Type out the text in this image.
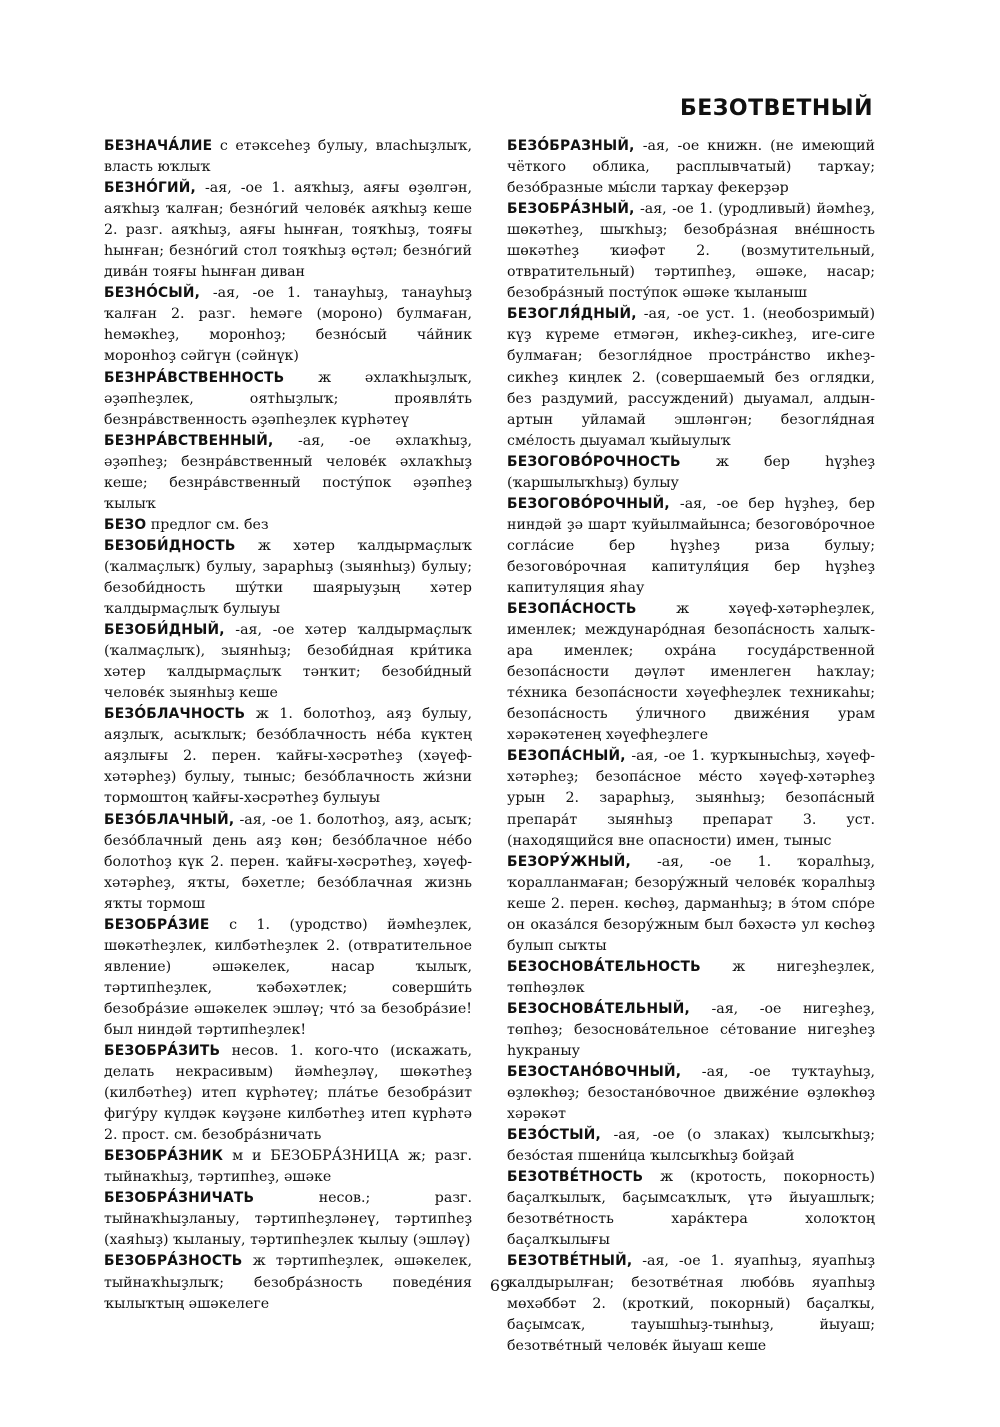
БЕЗОТВЕТНЫЙ

БЕЗНАЧА́ЛИЕ с етәксеһеҙ булыу, власһыҙлыҡ, власть юҡлыҡ

БЕЗНО́ГИЙ, -ая, -ое 1. аяҡһыҙ, аяғы өҙөлгән, аяҡһыҙ ҡалған; безно́гий челове́к аяҡһыҙ кеше 2. разг. аяҡһыҙ, аяғы һынған, тояҡһыҙ, тояғы һынған; безно́гий стол тояҡһыҙ өҫтәл; безно́гий дива́н тояғы һынған диван

БЕЗНО́СЫЙ, -ая, -ое 1. танауһыҙ, танауһыҙ ҡалған 2. разг. һемәге (мороно) булмаған, һемәкһеҙ, моронһоҙ; безно́сый ча́йник моронһоҙ сәйгүн (сәйнүк)

БЕЗНРА́ВСТВЕННОСТЬ ж әхлаҡһыҙлыҡ, әҙәпһеҙлек, оятһыҙлыҡ; проявля́ть безнра́вственность әҙәпһеҙлек күрһәтеү

БЕЗНРА́ВСТВЕННЫЙ, -ая, -ое әхлаҡһыҙ, әҙәпһеҙ; безнра́вственный челове́к әхлаҡһыҙ кеше; безнра́вственный посту́пок әҙәпһеҙ ҡылыҡ

БЕЗО предлог см. без

БЕЗОБИ́ДНОСТЬ ж хәтер ҡалдырмаҫлыҡ (ҡалмаҫлыҡ) булыу, зарарһыҙ (зыянһыҙ) булыу; безоби́дность шу́тки шаярыуҙың хәтер ҡалдырмаҫлыҡ булыуы

БЕЗОБИ́ДНЫЙ, -ая, -ое хәтер ҡалдырмаҫлыҡ (ҡалмаҫлыҡ), зыянһыҙ; безоби́дная кри́тика хәтер ҡалдырмаҫлыҡ тәнҡит; безоби́дный челове́к зыянһыҙ кеше

БЕЗО́БЛАЧНОСТЬ ж 1. болотһоҙ, аяҙ булыу, аяҙлыҡ, асыҡлыҡ; безо́блачность не́ба күктең аяҙлығы 2. перен. ҡайғы-хәсрәтһеҙ (хәүеф-хәтәрһеҙ) булыу, тыныс; безо́блачность жи́зни тормоштоң ҡайғы-хәсрәтһеҙ булыуы

БЕЗО́БЛАЧНЫЙ, -ая, -ое 1. болотһоҙ, аяҙ, асыҡ; безо́блачный день аяҙ көн; безо́блачное не́бо болотһоҙ күк 2. перен. ҡайғы-хәсрәтһеҙ, хәүеф-хәтәрһеҙ, яҡты, бәхетле; безо́блачная жизнь яҡты тормош

БЕЗОБРА́ЗИЕ с 1. (уродство) йәмһеҙлек, шөкәтһеҙлек, килбәтһеҙлек 2. (отвратительное явление) әшәкелек, насар ҡылыҡ, тәртипһеҙлек, ҡәбәхәтлек; соверши́ть безобра́зие әшәкелек эшләү; что́ за безобра́зие! был ниндәй тәртипһеҙлек!

БЕЗОБРА́ЗИТЬ несов. 1. кого-что (искажать, делать некрасивым) йәмһеҙләү, шөкәтһеҙ (килбәтһеҙ) итеп күрһәтеү; пла́тье безобра́зит фигу́ру күлдәк кәүҙәне килбәтһеҙ итеп күрһәтә 2. прост. см. безобра́зничать

БЕЗОБРА́ЗНИК м и БЕЗОБРА́ЗНИЦА ж; разг. тыйнаҡһыҙ, тәртипһеҙ, әшәке

БЕЗОБРА́ЗНИЧАТЬ несов.; разг. тыйнаҡһыҙланыу, тәртипһеҙләнеү, тәртипһеҙ (хаяһыҙ) ҡыланыу, тәртипһеҙлек ҡылыу (эшләү)

БЕЗОБРА́ЗНОСТЬ ж тәртипһеҙлек, әшәкелек, тыйнаҡһыҙлыҡ; безобра́зность поведе́ния ҡылыҡтың әшәкелеге

БЕЗО́БРАЗНЫЙ, -ая, -ое книжн. (не имеющий чёткого облика, расплывчатый) тарҡау; безо́бразные мы́сли тарҡау фекерҙәр

БЕЗОБРА́ЗНЫЙ, -ая, -ое 1. (уродливый) йәмһеҙ, шөкәтһеҙ, шыҡһыҙ; безобра́зная вне́шность шөкәтһеҙ ҡиәфәт 2. (возмутительный, отвратительный) тәртипһеҙ, әшәке, насар; безобра́зный посту́пок әшәке ҡыланыш

БЕЗОГЛЯ́ДНЫЙ, -ая, -ое уст. 1. (необозримый) күҙ күреме етмәгән, икһеҙ-сикһеҙ, иге-сиге булмаған; безогля́дное простра́нство икһеҙ-сикһеҙ киңлек 2. (совершаемый без оглядки, без раздумий, рассуждений) дыуамал, алдын-артын уйламай эшләнгән; безогля́дная сме́лость дыуамал ҡыйыулыҡ

БЕЗОГОВО́РОЧНОСТЬ ж бер һүҙһеҙ (ҡаршылыҡһыҙ) булыу

БЕЗОГОВО́РОЧНЫЙ, -ая, -ое бер һүҙһеҙ, бер ниндәй ҙә шарт ҡуйылмайынса; безогово́рочное согла́сие бер һүҙһеҙ риза булыу; безогово́рочная капитуля́ция бер һүҙһеҙ капитуляция яһау

БЕЗОПА́СНОСТЬ ж хәүеф-хәтәрһеҙлек, именлек; междунаро́дная безопа́сность халыҡ-ара именлек; охра́на госуда́рственной безопа́сности дәүләт именлеген һаҡлау; те́хника безопа́сности хәүефһеҙлек техникаһы; безопа́сность у́личного движе́ния урам хәрәкәтенең хәүефһеҙлеге

БЕЗОПА́СНЫЙ, -ая, -ое 1. ҡурҡынысһыҙ, хәүеф-хәтәрһеҙ; безопа́сное ме́сто хәүеф-хәтәрһеҙ урын 2. зарарһыҙ, зыянһыҙ; безопа́сный препара́т зыянһыҙ препарат 3. уст. (находящийся вне опасности) имен, тыныс

БЕЗОРУ́ЖНЫЙ, -ая, -ое 1. ҡоралһыҙ, ҡоралланмаған; безору́жный челове́к ҡоралһыҙ кеше 2. перен. көсһөҙ, дарманһыҙ; в э́том спо́ре он оказа́лся безору́жным был бәхәстә ул көсһөҙ булып сыҡты

БЕЗОСНОВА́ТЕЛЬНОСТЬ ж нигеҙһеҙлек, төпһөҙлөк

БЕЗОСНОВА́ТЕЛЬНЫЙ, -ая, -ое нигеҙһеҙ, төпһөҙ; безоснова́тельное се́тование нигеҙһеҙ һукраныу

БЕЗОСТАНО́ВОЧНЫЙ, -ая, -ое туҡтауһыҙ, өҙлөкһөҙ; безостано́вочное движе́ние өҙлөкһөҙ хәрәкәт

БЕЗО́СТЫЙ, -ая, -ое (о злаках) ҡылсыҡһыҙ; безо́стая пшени́ца ҡылсыҡһыҙ бойҙай

БЕЗОТВЕ́ТНОСТЬ ж (кротость, покорность) баҫалҡылыҡ, баҫымсаҡлыҡ, үтә йыуашлыҡ; безотве́тность хара́ктера холоҡтоң баҫалҡылығы

БЕЗОТВЕ́ТНЫЙ, -ая, -ое 1. яуапһыҙ, яуапһыҙ ҡалдырылған; безотве́тная любо́вь яуапһыҙ мөхәббәт 2. (кроткий, покорный) баҫалҡы, баҫымсаҡ, тауышһыҙ-тынһыҙ, йыуаш; безотве́тный челове́к йыуаш кеше

69
